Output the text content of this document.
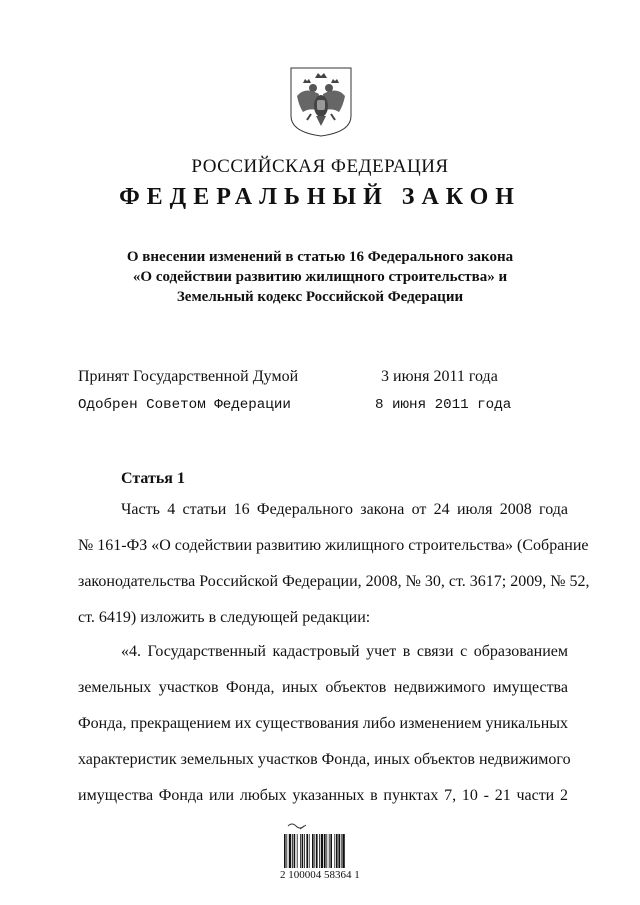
РОССИЙСКАЯ ФЕДЕРАЦИЯ
ФЕДЕРАЛЬНЫЙ ЗАКОН
О внесении изменений в статью 16 Федерального закона
«О содействии развитию жилищного строительства» и
Земельный кодекс Российской Федерации
Принят Государственной Думой	3 июня 2011 года
Одобрен Советом Федерации	8 июня 2011 года
Статья 1
Часть 4 статьи 16 Федерального закона от 24 июля 2008 года
№ 161-ФЗ «О содействии развитию жилищного строительства» (Собрание
законодательства Российской Федерации, 2008, № 30, ст. 3617; 2009, № 52,
ст. 6419) изложить в следующей редакции:
«4. Государственный кадастровый учет в связи с образованием
земельных участков Фонда, иных объектов недвижимого имущества
Фонда, прекращением их существования либо изменением уникальных
характеристик земельных участков Фонда, иных объектов недвижимого
имущества Фонда или любых указанных в пунктах 7, 10 - 21 части 2
2 100004 58364 1
